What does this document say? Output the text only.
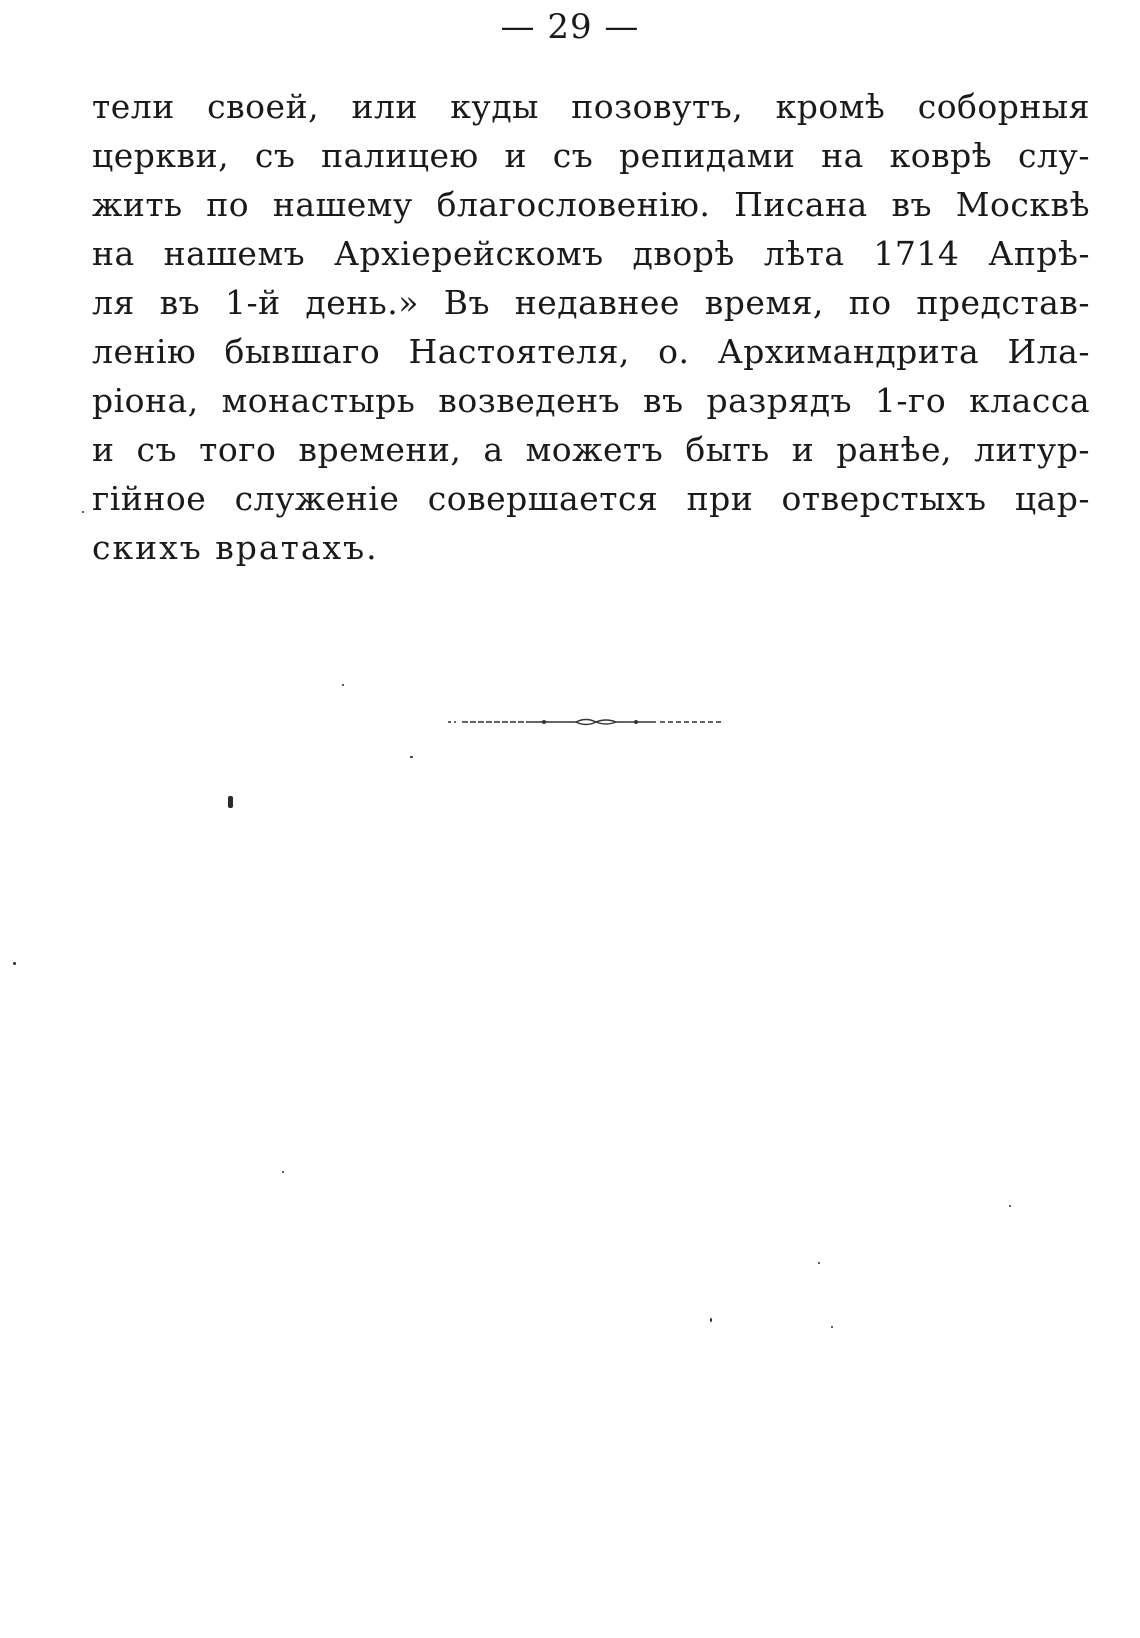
— 29 —
тели своей, или куды позовутъ, кромѣ соборныя
церкви, съ палицею и съ репидами на коврѣ слу-
жить по нашему благословенію. Писана въ Москвѣ
на нашемъ Архіерейскомъ дворѣ лѣта 1714 Апрѣ-
ля въ 1-й день.» Въ недавнее время, по представ-
ленію бывшаго Настоятеля, о. Архимандрита Ила-
ріона, монастырь возведенъ въ разрядъ 1-го класса
и съ того времени, а можетъ быть и ранѣе, литур-
гійное служеніе совершается при отверстыхъ цар-
скихъ вратахъ.
